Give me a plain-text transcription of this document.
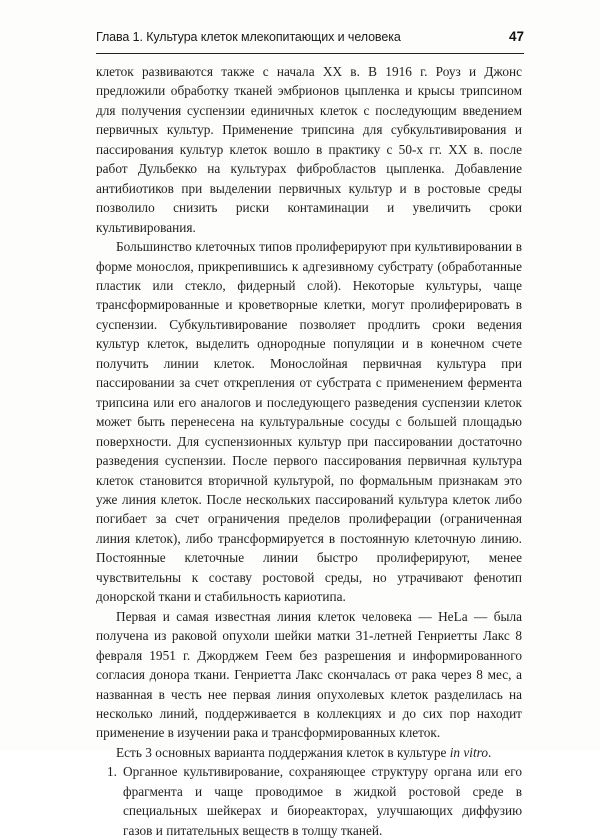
Глава 1. Культура клеток млекопитающих и человека	47

клеток развиваются также с начала XX в. В 1916 г. Роуз и Джонс предложили обработку тканей эмбрионов цыпленка и крысы трипсином для получения суспензии единичных клеток с последующим введением первичных культур. Применение трипсина для субкультивирования и пассирования культур клеток вошло в практику с 50-х гг. XX в. после работ Дульбекко на культурах фибробластов цыпленка. Добавление антибиотиков при выделении первичных культур и в ростовые среды позволило снизить риски контаминации и увеличить сроки культивирования.

Большинство клеточных типов пролиферируют при культивировании в форме монослоя, прикрепившись к адгезивному субстрату (обработанные пластик или стекло, фидерный слой). Некоторые культуры, чаще трансформированные и кроветворные клетки, могут пролиферировать в суспензии. Субкультивирование позволяет продлить сроки ведения культур клеток, выделить однородные популяции и в конечном счете получить линии клеток. Монослойная первичная культура при пассировании за счет открепления от субстрата с применением фермента трипсина или его аналогов и последующего разведения суспензии клеток может быть перенесена на культуральные сосуды с большей площадью поверхности. Для суспензионных культур при пассировании достаточно разведения суспензии. После первого пассирования первичная культура клеток становится вторичной культурой, по формальным признакам это уже линия клеток. После нескольких пассирований культура клеток либо погибает за счет ограничения пределов пролиферации (ограниченная линия клеток), либо трансформируется в постоянную клеточную линию. Постоянные клеточные линии быстро пролиферируют, менее чувствительны к составу ростовой среды, но утрачивают фенотип донорской ткани и стабильность кариотипа.

Первая и самая известная линия клеток человека — HeLa — была получена из раковой опухоли шейки матки 31-летней Генриетты Лакс 8 февраля 1951 г. Джорджем Геем без разрешения и информированного согласия донора ткани. Генриетта Лакс скончалась от рака через 8 мес, а названная в честь нее первая линия опухолевых клеток разделилась на несколько линий, поддерживается в коллекциях и до сих пор находит применение в изучении рака и трансформированных клеток.

Есть 3 основных варианта поддержания клеток в культуре in vitro.

1. Органное культивирование, сохраняющее структуру органа или его фрагмента и чаще проводимое в жидкой ростовой среде в специальных шейкерах и биореакторах, улучшающих диффузию газов и питательных веществ в толщу тканей.
